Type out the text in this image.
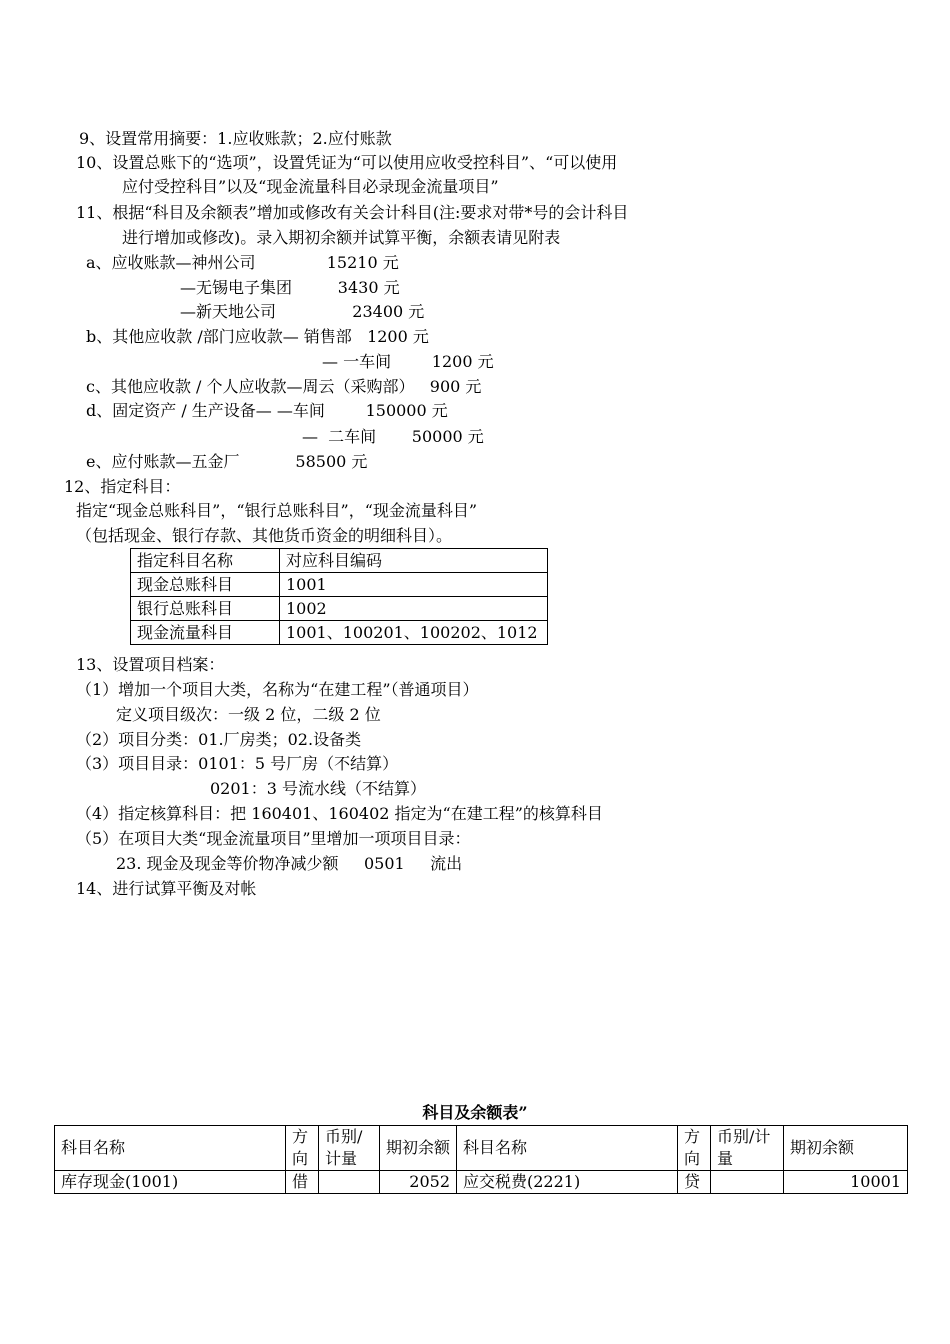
9、设置常用摘要：1.应收账款；2.应付账款
10、设置总账下的“选项”，设置凭证为“可以使用应收受控科目”、“可以使用
应付受控科目”以及“现金流量科目必录现金流量项目”
11、根据“科目及余额表”增加或修改有关会计科目(注:要求对带*号的会计科目
进行增加或修改)。录入期初余额并试算平衡，余额表请见附表
a、应收账款—神州公司              15210 元
—无锡电子集团         3430 元
—新天地公司               23400 元
b、其他应收款 /部门应收款— 销售部   1200 元
— 一车间        1200 元
c、其他应收款 / 个人应收款—周云（采购部）   900 元
d、固定资产 / 生产设备— —车间        150000 元
—  二车间       50000 元
e、应付账款—五金厂           58500 元
12、指定科目：
指定“现金总账科目”，“银行总账科目”，“现金流量科目”
（包括现金、银行存款、其他货币资金的明细科目）。
指定科目名称	对应科目编码
现金总账科目	1001
银行总账科目	1002
现金流量科目	1001、100201、100202、1012
13、设置项目档案：
（1）增加一个项目大类，名称为“在建工程”（普通项目）
定义项目级次：一级 2 位，二级 2 位
（2）项目分类：01.厂房类；02.设备类
（3）项目目录：0101：5 号厂房（不结算）
0201：3 号流水线（不结算）
（4）指定核算科目：把 160401、160402 指定为“在建工程”的核算科目
（5）在项目大类“现金流量项目”里增加一项项目目录：
23. 现金及现金等价物净减少额     0501     流出
14、进行试算平衡及对帐
科目及余额表”
科目名称	方向	币别/计量	期初余额	科目名称	方向	币别/计量	期初余额
库存现金(1001)	借		2052	应交税费(2221)	贷		10001
